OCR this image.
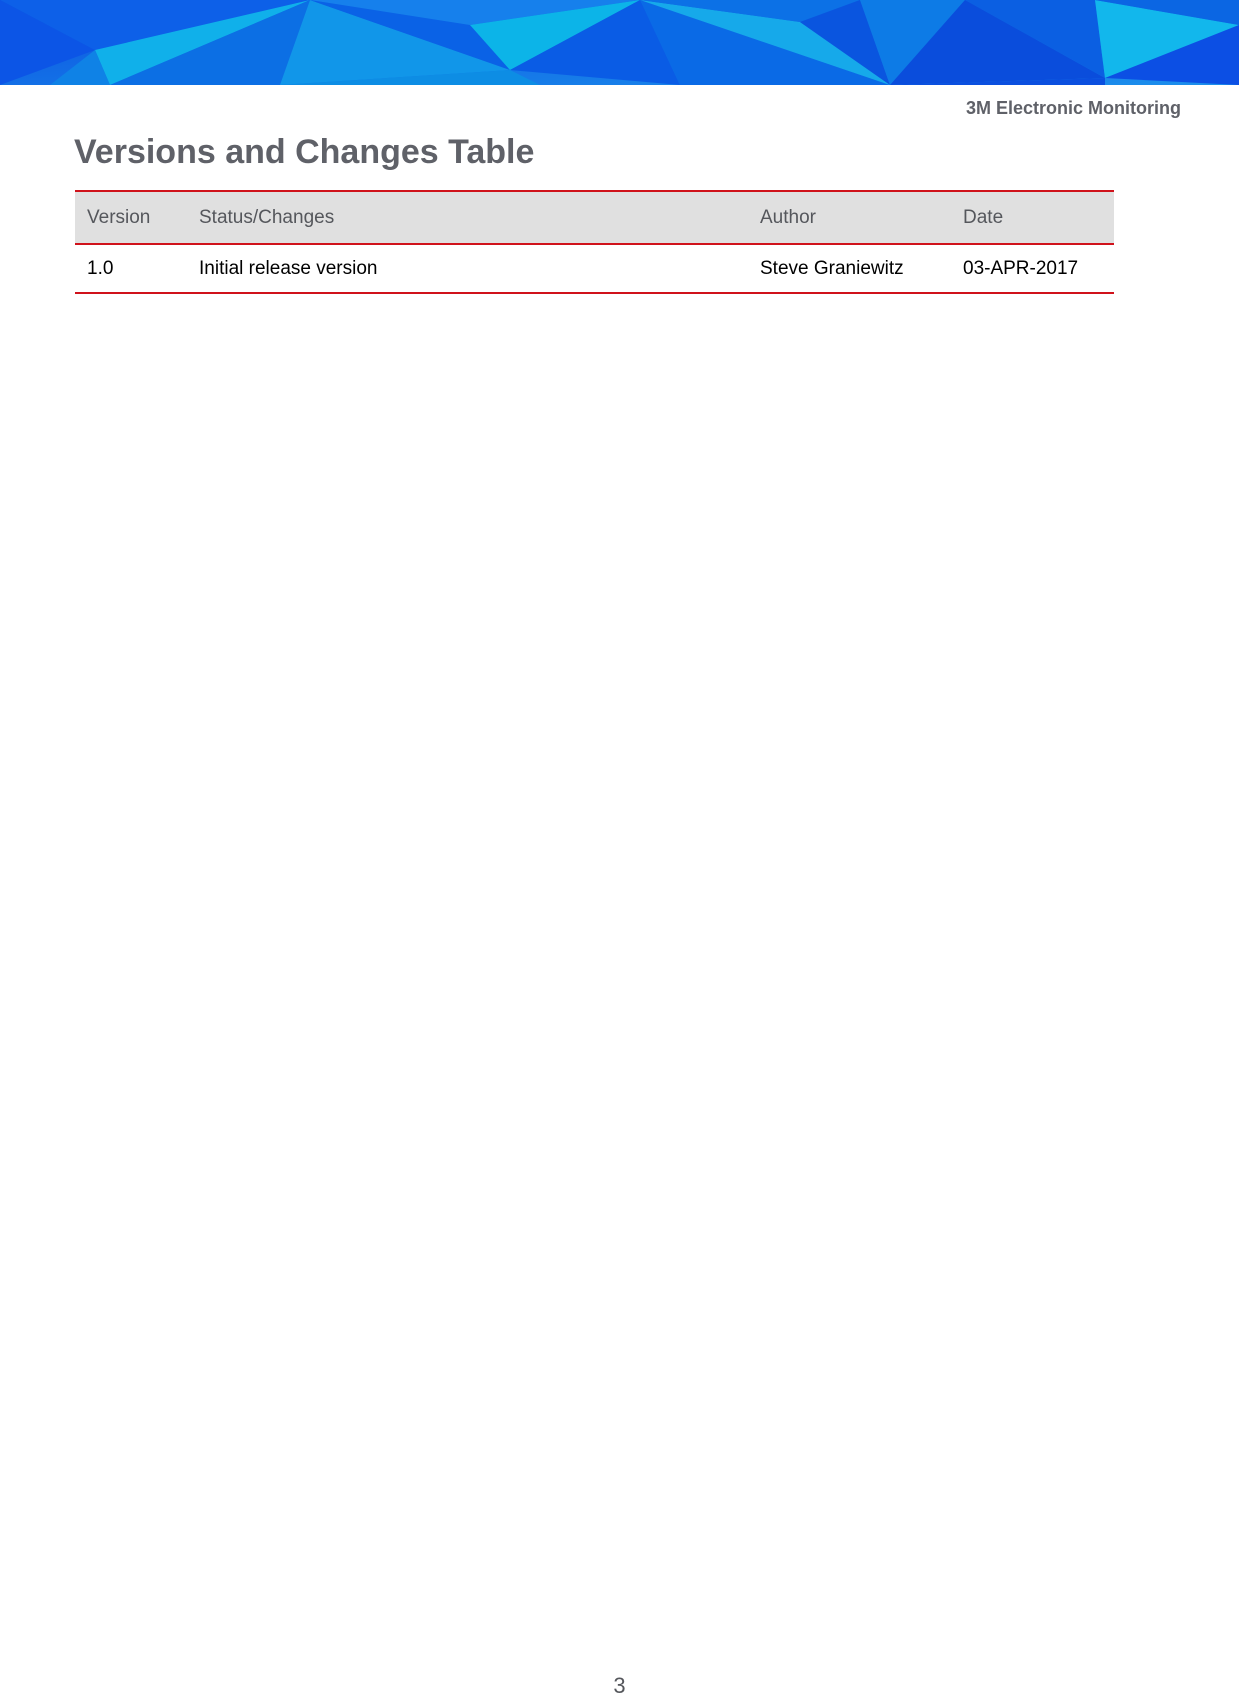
3M Electronic Monitoring

Versions and Changes Table
Version	Status/Changes	Author	Date
1.0	Initial release version	Steve Graniewitz	03-APR-2017

3
